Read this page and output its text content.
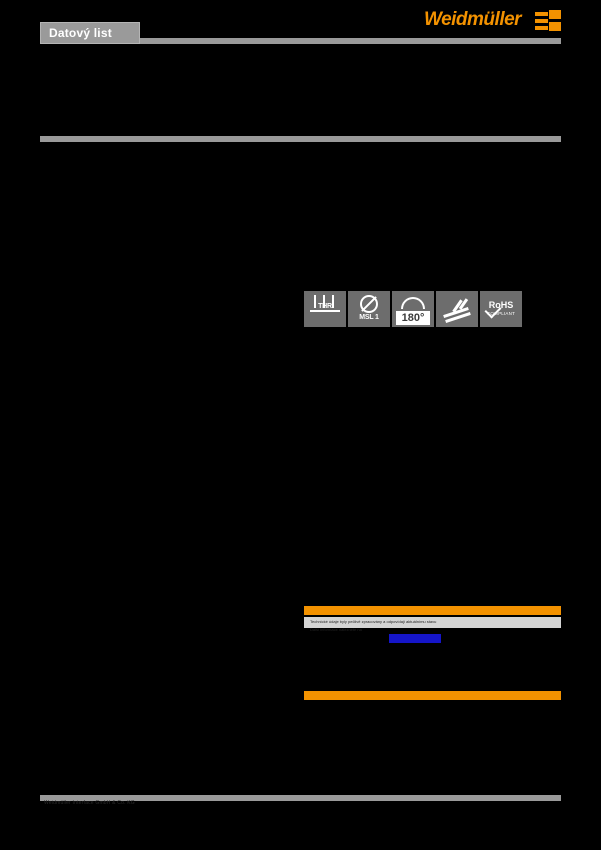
Datový list
Weidmüller
THR
MSL 1	180°
RoHS
COMPLIANT
Technické údaje byly pečlivě zpracovány a odpovídají aktuálnímu stavu
Další informace naleznete na
Weidmüller Interface GmbH & Co. KG
